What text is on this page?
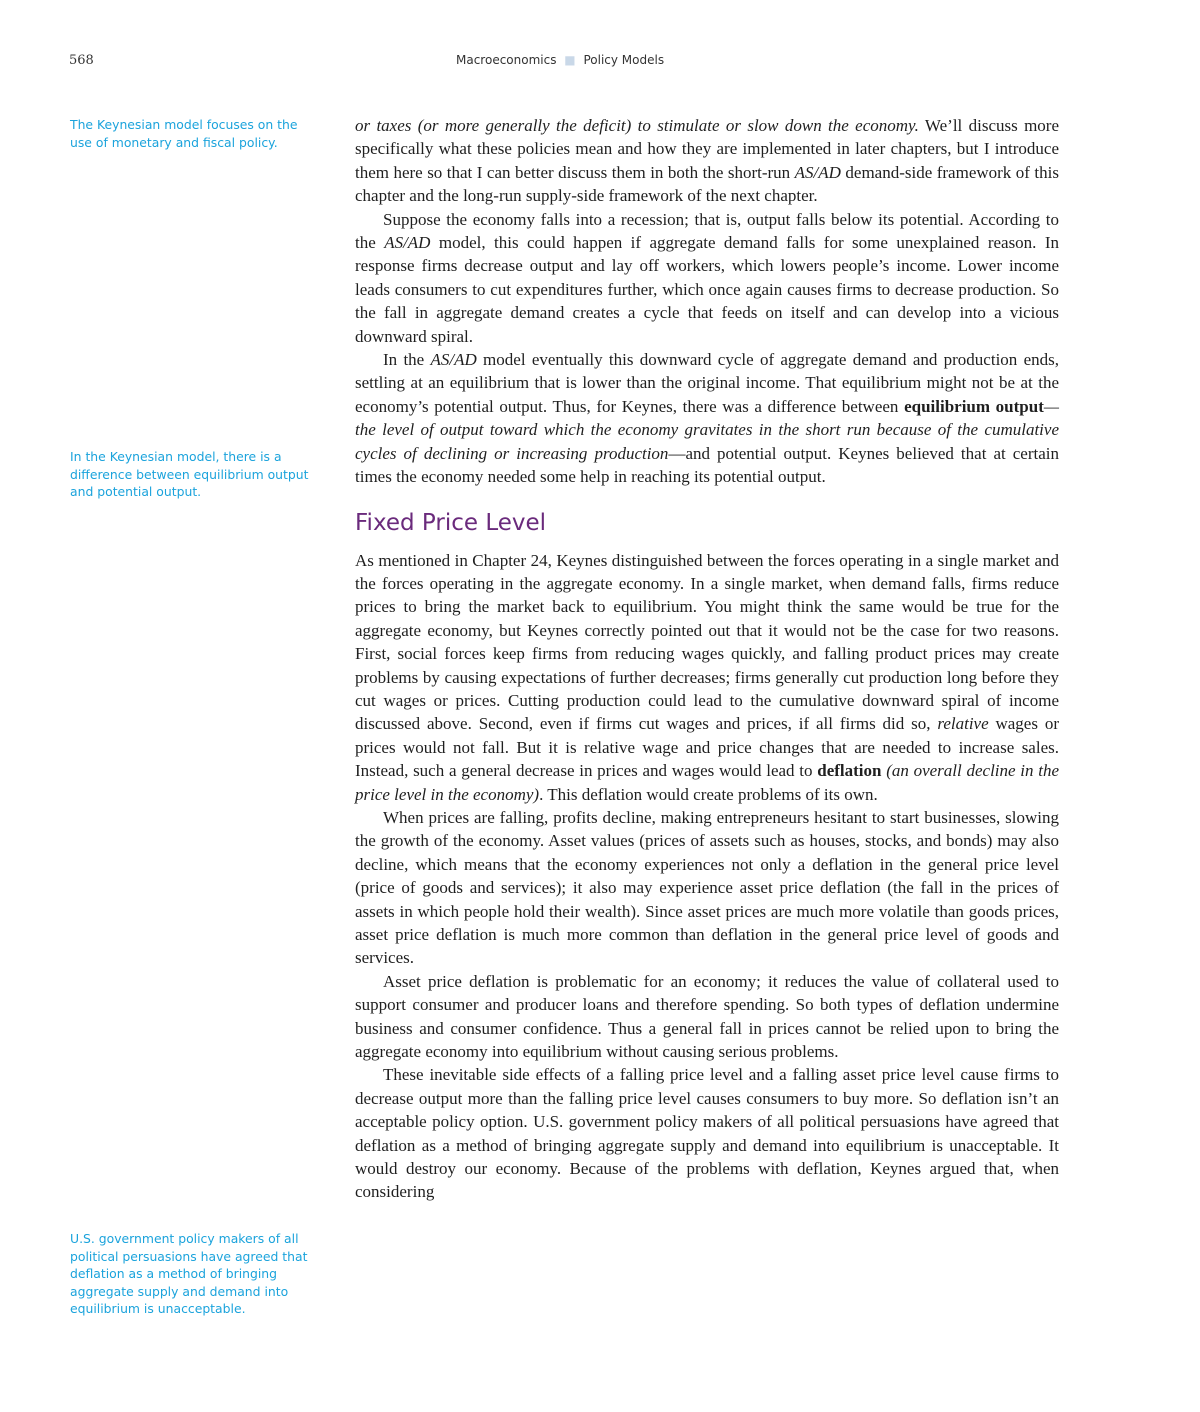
568	Macroeconomics ■ Policy Models
The Keynesian model focuses on the use of monetary and fiscal policy.
In the Keynesian model, there is a difference between equilibrium output and potential output.
U.S. government policy makers of all political persuasions have agreed that deflation as a method of bringing aggregate supply and demand into equilibrium is unacceptable.

or taxes (or more generally the deficit) to stimulate or slow down the economy. We’ll discuss more specifically what these policies mean and how they are implemented in later chapters, but I introduce them here so that I can better discuss them in both the short-run AS/AD demand-side framework of this chapter and the long-run supply-side framework of the next chapter.

Suppose the economy falls into a recession; that is, output falls below its potential. According to the AS/AD model, this could happen if aggregate demand falls for some unexplained reason. In response firms decrease output and lay off workers, which lowers people’s income. Lower income leads consumers to cut expenditures further, which once again causes firms to decrease production. So the fall in aggregate demand creates a cycle that feeds on itself and can develop into a vicious downward spiral.

In the AS/AD model eventually this downward cycle of aggregate demand and production ends, settling at an equilibrium that is lower than the original income. That equilibrium might not be at the economy’s potential output. Thus, for Keynes, there was a difference between equilibrium output—the level of output toward which the economy gravitates in the short run because of the cumulative cycles of declining or increasing production—and potential output. Keynes believed that at certain times the economy needed some help in reaching its potential output.

Fixed Price Level

As mentioned in Chapter 24, Keynes distinguished between the forces operating in a single market and the forces operating in the aggregate economy. In a single market, when demand falls, firms reduce prices to bring the market back to equilibrium. You might think the same would be true for the aggregate economy, but Keynes correctly pointed out that it would not be the case for two reasons. First, social forces keep firms from reducing wages quickly, and falling product prices may create problems by causing expectations of further decreases; firms generally cut production long before they cut wages or prices. Cutting production could lead to the cumulative downward spiral of income discussed above. Second, even if firms cut wages and prices, if all firms did so, relative wages or prices would not fall. But it is relative wage and price changes that are needed to increase sales. Instead, such a general decrease in prices and wages would lead to deflation (an overall decline in the price level in the economy). This deflation would create problems of its own.

When prices are falling, profits decline, making entrepreneurs hesitant to start businesses, slowing the growth of the economy. Asset values (prices of assets such as houses, stocks, and bonds) may also decline, which means that the economy experiences not only a deflation in the general price level (price of goods and services); it also may experience asset price deflation (the fall in the prices of assets in which people hold their wealth). Since asset prices are much more volatile than goods prices, asset price deflation is much more common than deflation in the general price level of goods and services.

Asset price deflation is problematic for an economy; it reduces the value of collateral used to support consumer and producer loans and therefore spending. So both types of deflation undermine business and consumer confidence. Thus a general fall in prices cannot be relied upon to bring the aggregate economy into equilibrium without causing serious problems.

These inevitable side effects of a falling price level and a falling asset price level cause firms to decrease output more than the falling price level causes consumers to buy more. So deflation isn’t an acceptable policy option. U.S. government policy makers of all political persuasions have agreed that deflation as a method of bringing aggregate supply and demand into equilibrium is unacceptable. It would destroy our economy. Because of the problems with deflation, Keynes argued that, when considering
